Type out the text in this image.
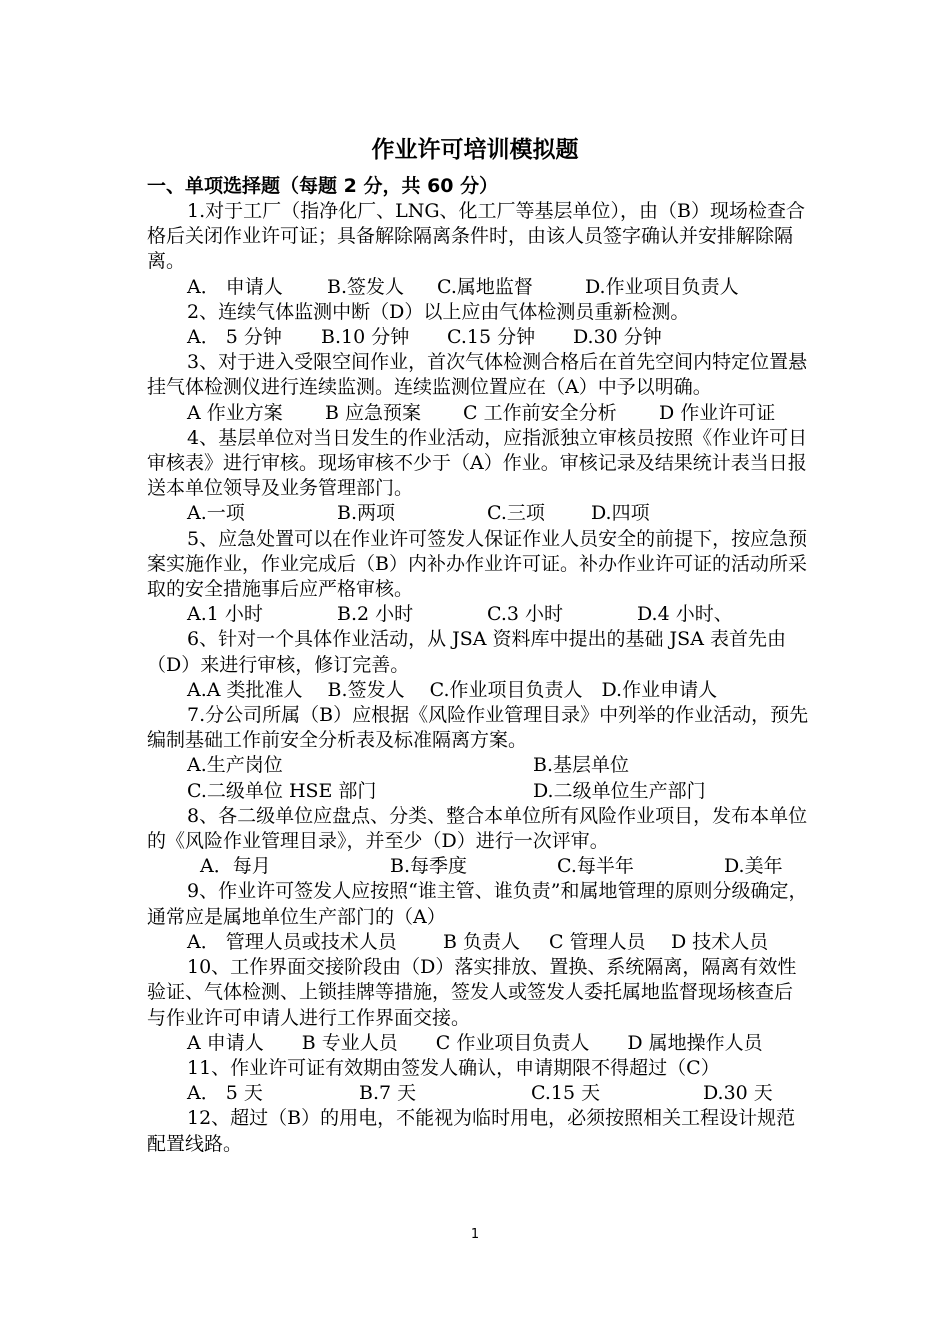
作业许可培训模拟题
一、单项选择题（每题 2 分，共 60 分）

1.对于工厂（指净化厂、LNG、化工厂等基层单位），由（B）现场检查合格后关闭作业许可证；具备解除隔离条件时，由该人员签字确认并安排解除隔离。

A． 申请人 B.签发人 C.属地监督	D.作业项目负责人

2、连续气体监测中断（D）以上应由气体检测员重新检测。

A． 5 分钟 B.10 分钟 C.15 分钟 D.30 分钟

3、对于进入受限空间作业，首次气体检测合格后在首先空间内特定位置悬挂气体检测仪进行连续监测。连续监测位置应在（A）中予以明确。

A 作业方案 B 应急预案 C 工作前安全分析 D 作业许可证

4、基层单位对当日发生的作业活动，应指派独立审核员按照《作业许可日审核表》进行审核。现场审核不少于（A）作业。审核记录及结果统计表当日报送本单位领导及业务管理部门。

A.一项	B.两项	C.三项 D.四项

5、应急处置可以在作业许可签发人保证作业人员安全的前提下，按应急预案实施作业，作业完成后（B）内补办作业许可证。补办作业许可证的活动所采取的安全措施事后应严格审核。

A.1 小时	B.2 小时	C.3 小时	D.4 小时、

6、针对一个具体作业活动，从 JSA 资料库中提出的基础 JSA 表首先由（D）来进行审核，修订完善。

A.A 类批准人　 B.签发人　 C.作业项目负责人　D.作业申请人

7.分公司所属（B）应根据《风险作业管理目录》中列举的作业活动，预先编制基础工作前安全分析表及标准隔离方案。

A.生产岗位	B.基层单位
C.二级单位 HSE 部门	D.二级单位生产部门

8、各二级单位应盘点、分类、整合本单位所有风险作业项目，发布本单位的《风险作业管理目录》，并至少（D）进行一次评审。

A．每月	B.每季度	C.每半年	D.美年

9、作业许可签发人应按照“谁主管、谁负责”和属地管理的原则分级确定，通常应是属地单位生产部门的（A）

A． 管理人员或技术人员 B 负责人 C 管理人员 D 技术人员

10、工作界面交接阶段由（D）落实排放、置换、系统隔离，隔离有效性验证、气体检测、上锁挂牌等措施，签发人或签发人委托属地监督现场核查后与作业许可申请人进行工作界面交接。

A 申请人　　B 专业人员　　C 作业项目负责人　　D 属地操作人员

11、作业许可证有效期由签发人确认，申请期限不得超过（C）

A． 5 天	B.7 天	C.15 天	D.30 天

12、超过（B）的用电，不能视为临时用电，必须按照相关工程设计规范配置线路。

1
